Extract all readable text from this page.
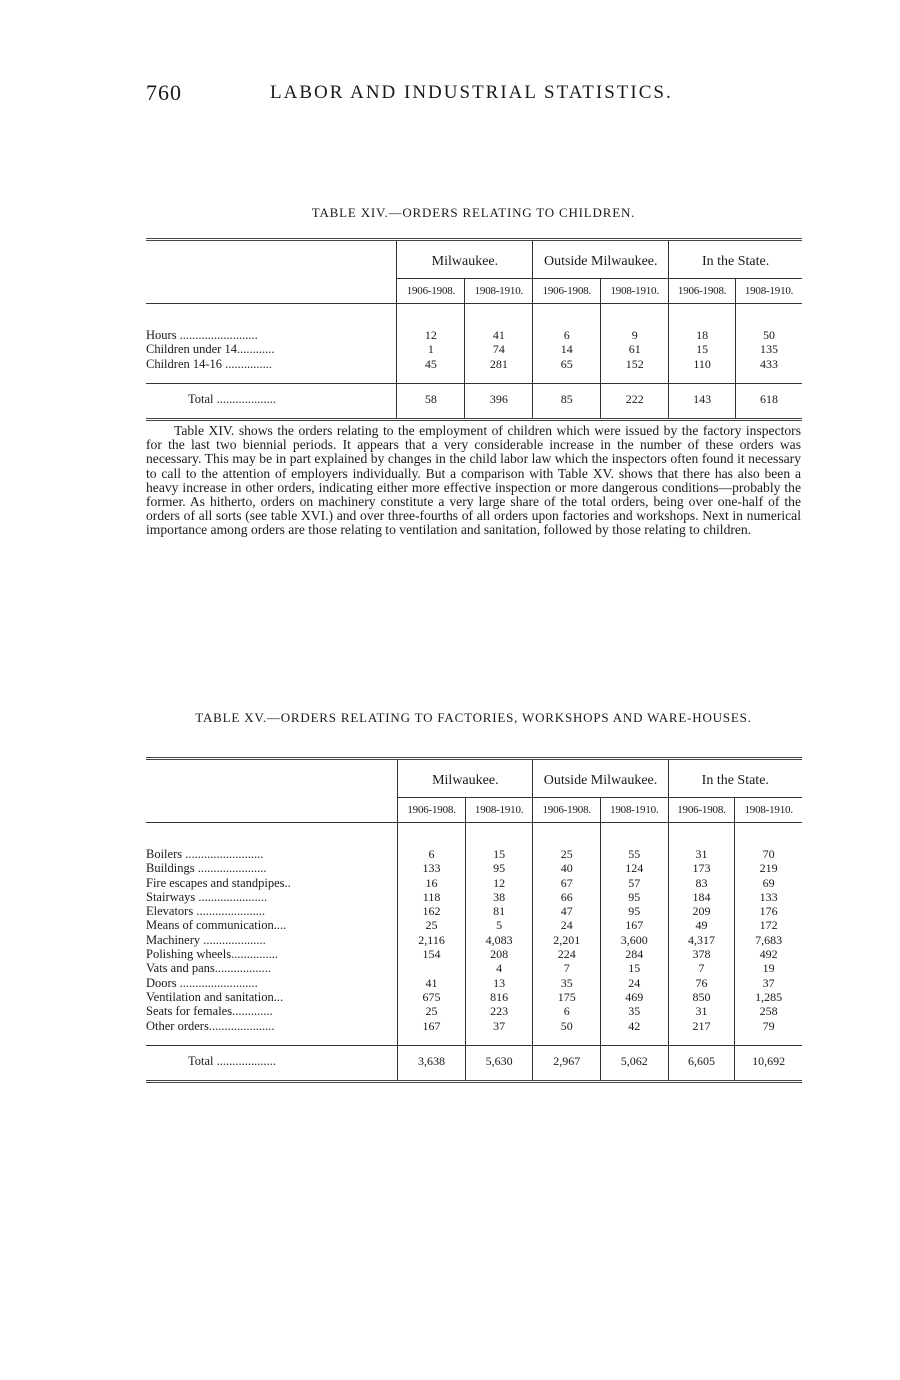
760	LABOR AND INDUSTRIAL STATISTICS.
TABLE XIV.—ORDERS RELATING TO CHILDREN.
	Milwaukee.		Outside Milwaukee.		In the State.	
	1906-1908.	1908-1910.	1906-1908.	1908-1910.	1906-1908.	1908-1910.

Hours .........................	12	41	6	9	18	50
Children under 14............	1	74	14	61	15	135
Children 14-16 ...............	45	281	65	152	110	433

Total ...................	58	396	85	222	143	618

Table XIV. shows the orders relating to the employment of children which were issued by the factory inspectors for the last two biennial periods. It appears that a very considerable increase in the number of these orders was necessary. This may be in part explained by changes in the child labor law which the inspectors often found it necessary to call to the attention of employers individually. But a comparison with Table XV. shows that there has also been a heavy increase in other orders, indicating either more effective inspection or more dangerous conditions—probably the former. As hitherto, orders on machinery constitute a very large share of the total orders, being over one-half of the orders of all sorts (see table XVI.) and over three-fourths of all orders upon factories and workshops. Next in numerical importance among orders are those relating to ventilation and sanitation, followed by those relating to children.

TABLE XV.—ORDERS RELATING TO FACTORIES, WORKSHOPS AND WARE-HOUSES.
	Milwaukee.		Outside Milwaukee.		In the State.	
	1906-1908.	1908-1910.	1906-1908.	1908-1910.	1906-1908.	1908-1910.

Boilers .........................	6	15	25	55	31	70
Buildings ......................	133	95	40	124	173	219
Fire escapes and standpipes..	16	12	67	57	83	69
Stairways ......................	118	38	66	95	184	133
Elevators ......................	162	81	47	95	209	176
Means of communication....	25	5	24	167	49	172
Machinery ....................	2,116	4,083	2,201	3,600	4,317	7,683
Polishing wheels...............	154	208	224	284	378	492
Vats and pans..................		4	7	15	7	19
Doors .........................	41	13	35	24	76	37
Ventilation and sanitation...	675	816	175	469	850	1,285
Seats for females.............	25	223	6	35	31	258
Other orders.....................	167	37	50	42	217	79

Total ...................	3,638	5,630	2,967	5,062	6,605	10,692
